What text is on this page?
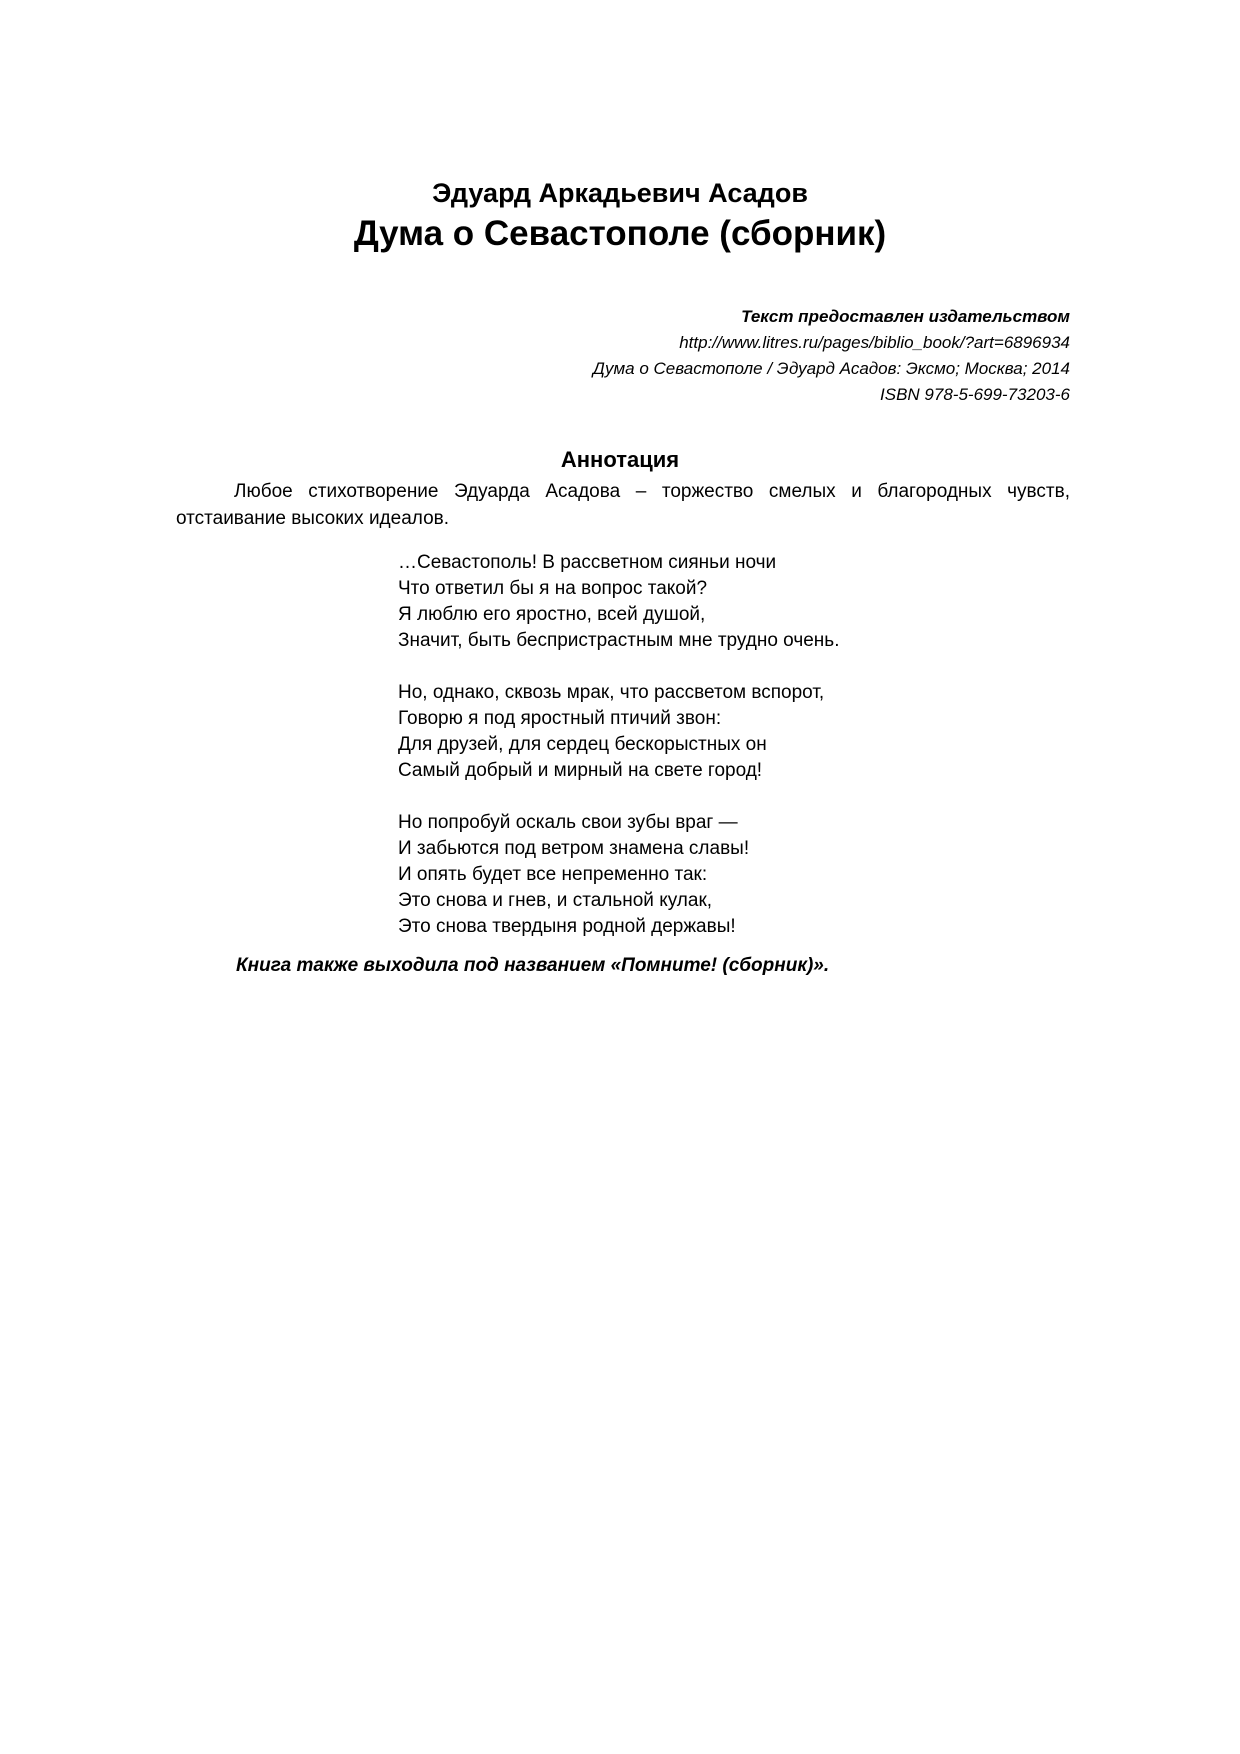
Эдуард Аркадьевич Асадов
Дума о Севастополе (сборник)
Текст предоставлен издательством
http://www.litres.ru/pages/biblio_book/?art=6896934
Дума о Севастополе / Эдуард Асадов: Эксмо; Москва; 2014
ISBN 978-5-699-73203-6
Аннотация
Любое стихотворение Эдуарда Асадова – торжество смелых и благородных чувств, отстаивание высоких идеалов.
…Севастополь! В рассветном сияньи ночи
Что ответил бы я на вопрос такой?
Я люблю его яростно, всей душой,
Значит, быть беспристрастным мне трудно очень.
Но, однако, сквозь мрак, что рассветом вспорот,
Говорю я под яростный птичий звон:
Для друзей, для сердец бескорыстных он
Самый добрый и мирный на свете город!
Но попробуй оскаль свои зубы враг —
И забьются под ветром знамена славы!
И опять будет все непременно так:
Это снова и гнев, и стальной кулак,
Это снова твердыня родной державы!
Книга также выходила под названием «Помните! (сборник)».
